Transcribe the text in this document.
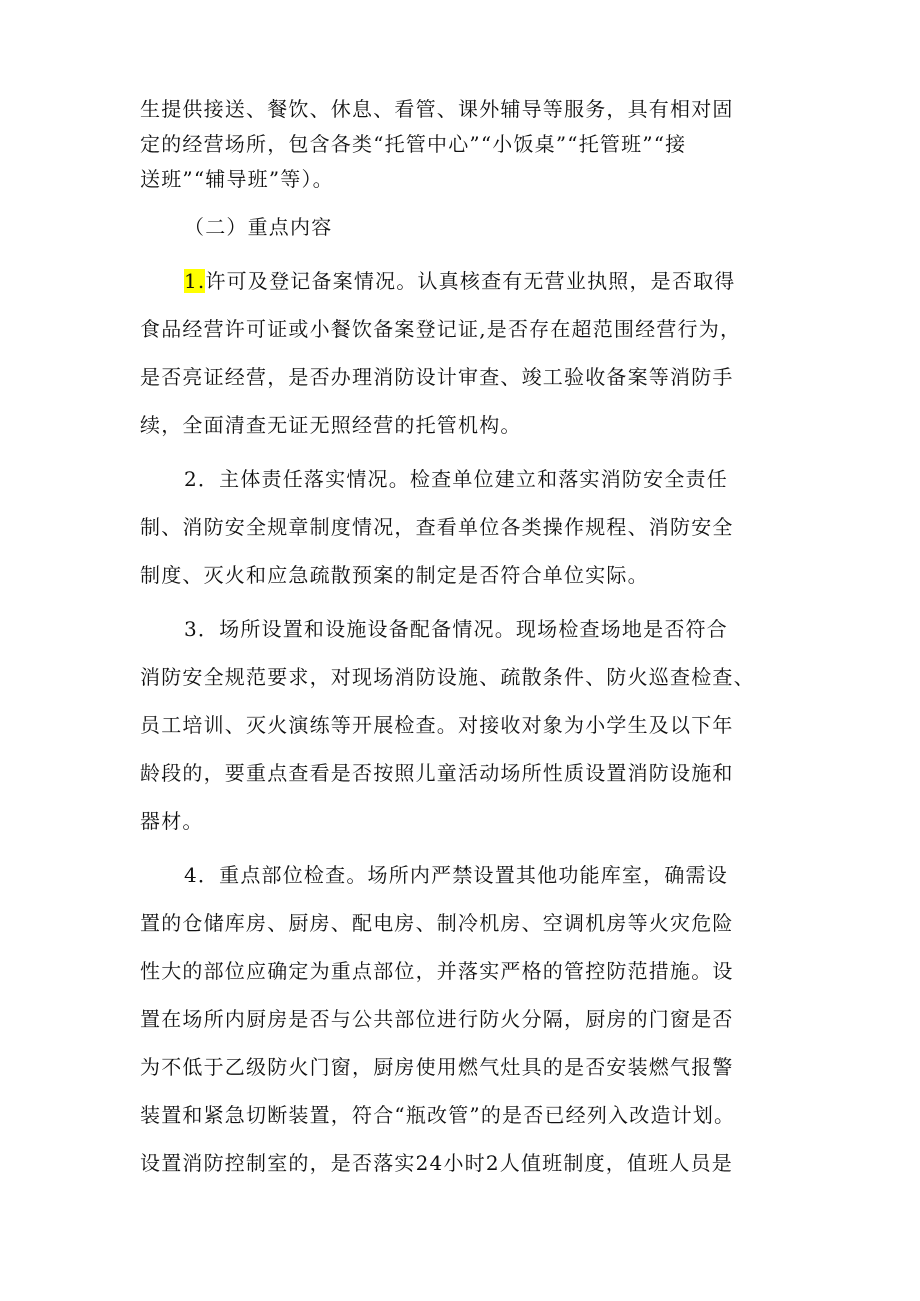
生提供接送、餐饮、休息、看管、课外辅导等服务，具有相对固
定的经营场所，包含各类“托管中心”“小饭桌”“托管班”“接
送班”“辅导班”等）。
（二）重点内容
1.许可及登记备案情况。认真核查有无营业执照，是否取得
食品经营许可证或小餐饮备案登记证,是否存在超范围经营行为，
是否亮证经营，是否办理消防设计审查、竣工验收备案等消防手
续，全面清查无证无照经营的托管机构。
2．主体责任落实情况。检查单位建立和落实消防安全责任
制、消防安全规章制度情况，查看单位各类操作规程、消防安全
制度、灭火和应急疏散预案的制定是否符合单位实际。
3．场所设置和设施设备配备情况。现场检查场地是否符合
消防安全规范要求，对现场消防设施、疏散条件、防火巡查检查、
员工培训、灭火演练等开展检查。对接收对象为小学生及以下年
龄段的，要重点查看是否按照儿童活动场所性质设置消防设施和
器材。
4．重点部位检查。场所内严禁设置其他功能库室，确需设
置的仓储库房、厨房、配电房、制冷机房、空调机房等火灾危险
性大的部位应确定为重点部位，并落实严格的管控防范措施。设
置在场所内厨房是否与公共部位进行防火分隔，厨房的门窗是否
为不低于乙级防火门窗，厨房使用燃气灶具的是否安装燃气报警
装置和紧急切断装置，符合“瓶改管”的是否已经列入改造计划。
设置消防控制室的，是否落实24小时2人值班制度，值班人员是
